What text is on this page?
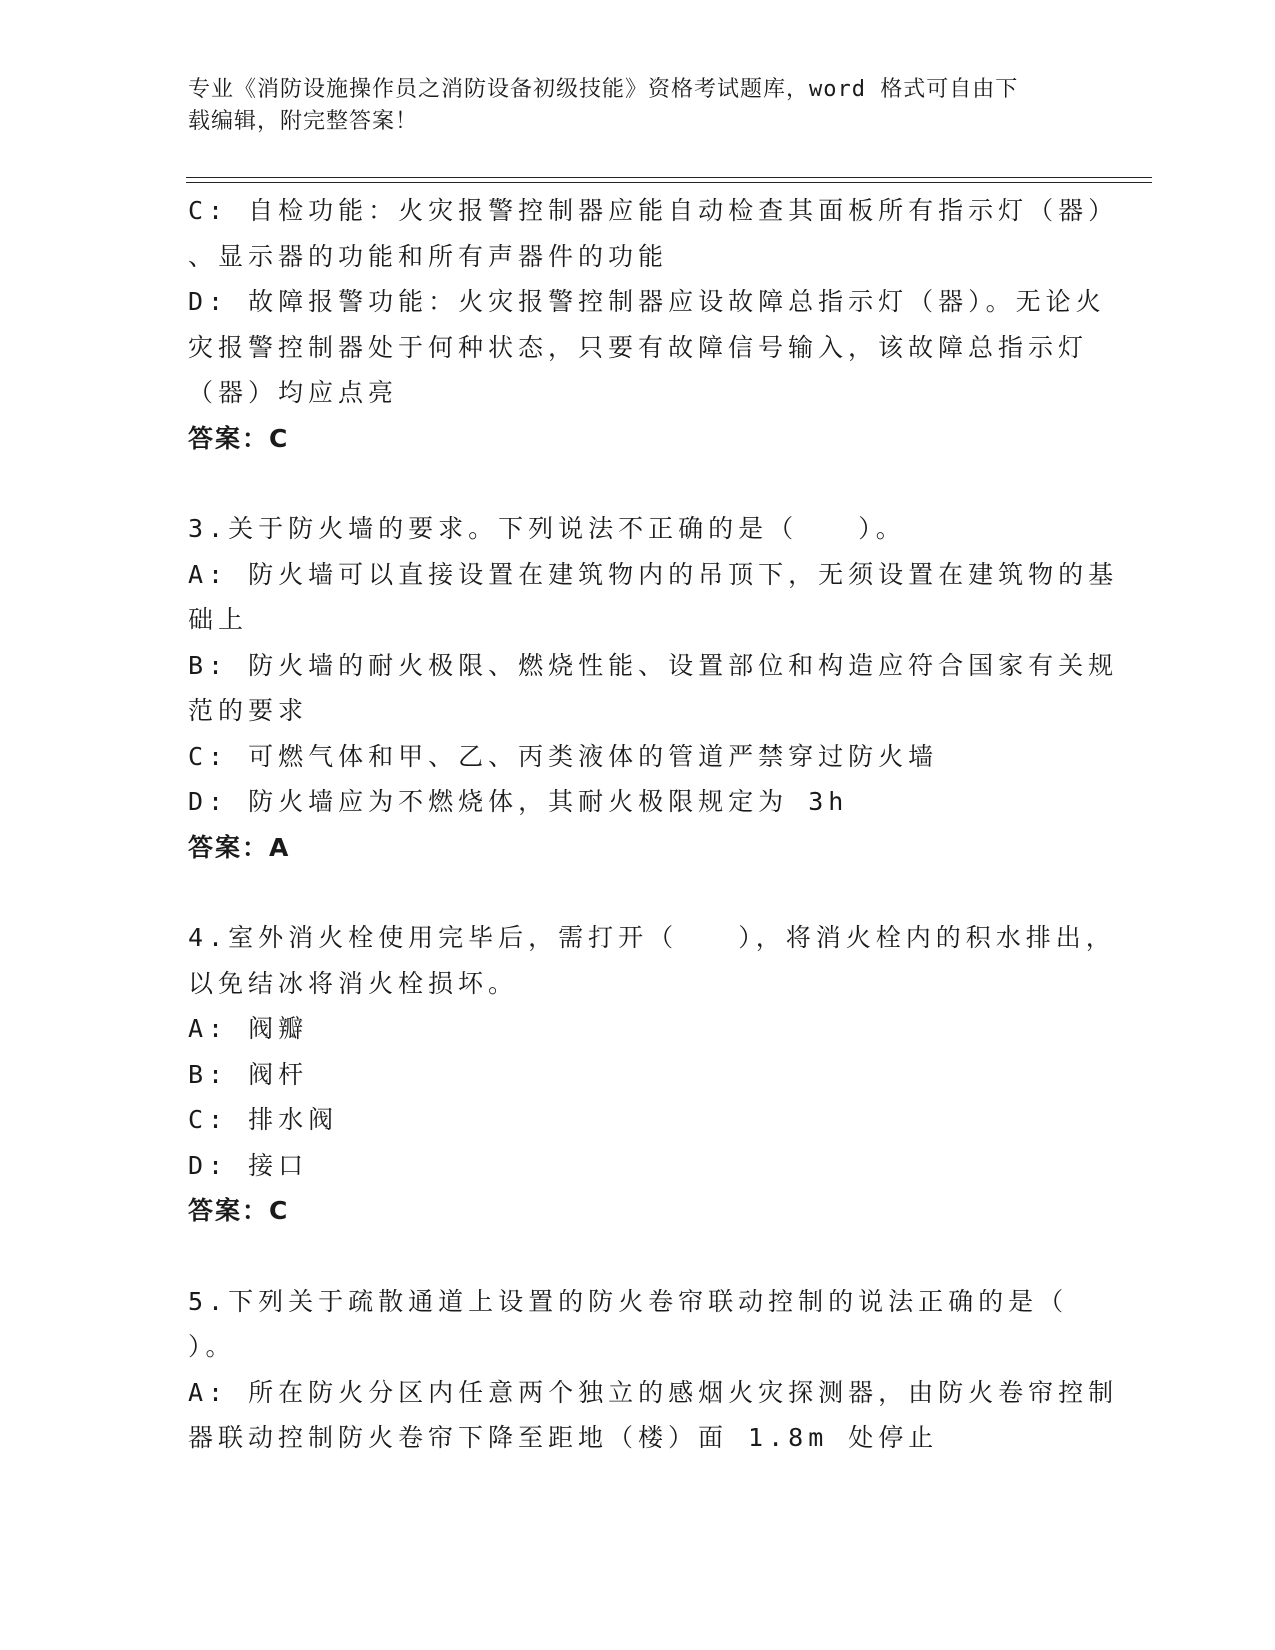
专业《消防设施操作员之消防设备初级技能》资格考试题库，word 格式可自由下
载编辑，附完整答案！
C: 自检功能：火灾报警控制器应能自动检查其面板所有指示灯（器）
、显示器的功能和所有声器件的功能
D: 故障报警功能：火灾报警控制器应设故障总指示灯（器）。无论火
灾报警控制器处于何种状态，只要有故障信号输入，该故障总指示灯
（器）均应点亮
答案：C
3.关于防火墙的要求。下列说法不正确的是（   ）。
A: 防火墙可以直接设置在建筑物内的吊顶下，无须设置在建筑物的基
础上
B: 防火墙的耐火极限、燃烧性能、设置部位和构造应符合国家有关规
范的要求
C: 可燃气体和甲、乙、丙类液体的管道严禁穿过防火墙
D: 防火墙应为不燃烧体，其耐火极限规定为 3h
答案：A
4.室外消火栓使用完毕后，需打开（   ），将消火栓内的积水排出，
以免结冰将消火栓损坏。
A: 阀瓣
B: 阀杆
C: 排水阀
D: 接口
答案：C
5.下列关于疏散通道上设置的防火卷帘联动控制的说法正确的是（
）。
A: 所在防火分区内任意两个独立的感烟火灾探测器，由防火卷帘控制
器联动控制防火卷帘下降至距地（楼）面 1.8m 处停止
